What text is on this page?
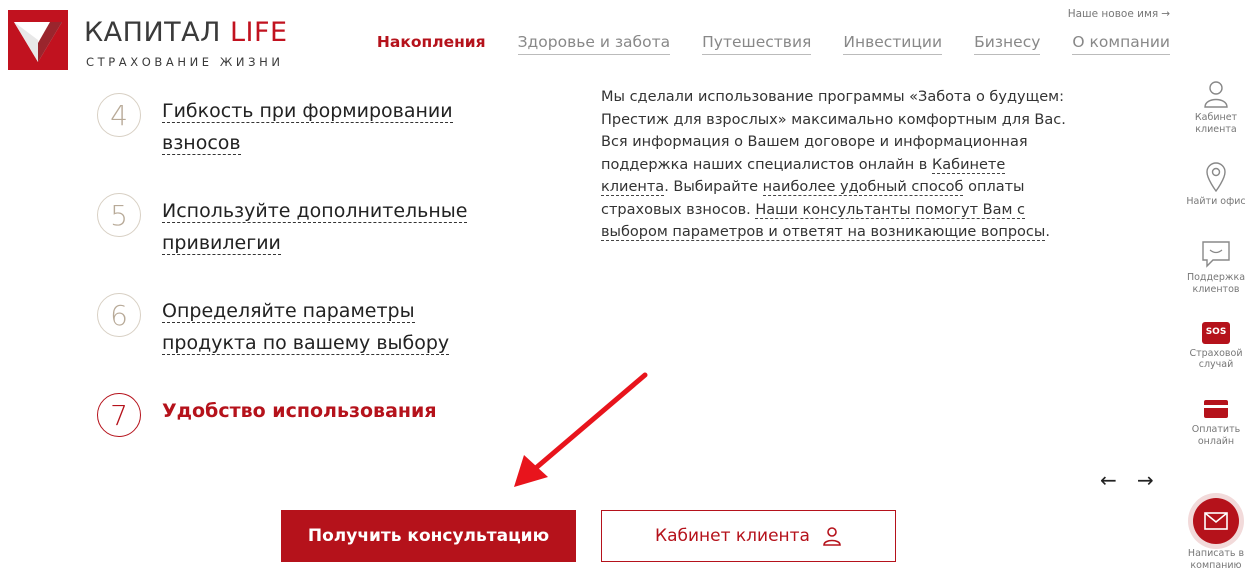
КАПИТАЛ LIFE
СТРАХОВАНИЕ ЖИЗНИ
Наше новое имя →
Накопления Здоровье и забота Путешествия Инвестиции Бизнесу О компании
4	Гибкость при формировании взносов
5	Используйте дополнительные привилегии
6	Определяйте параметры продукта по вашему выбору
7	Удобство использования
Мы сделали использование программы «Забота о будущем: Престиж для взрослых» максимально комфортным для Вас. Вся информация о Вашем договоре и информационная поддержка наших специалистов онлайн в Кабинете клиента. Выбирайте наиболее удобный способ оплаты страховых взносов. Наши консультанты помогут Вам с выбором параметров и ответят на возникающие вопросы.
← →
Получить консультацию	Кабинет клиента
Кабинет клиента
Найти офис
Поддержка клиентов
SOS
Страховой случай
Оплатить онлайн
Написать в компанию
